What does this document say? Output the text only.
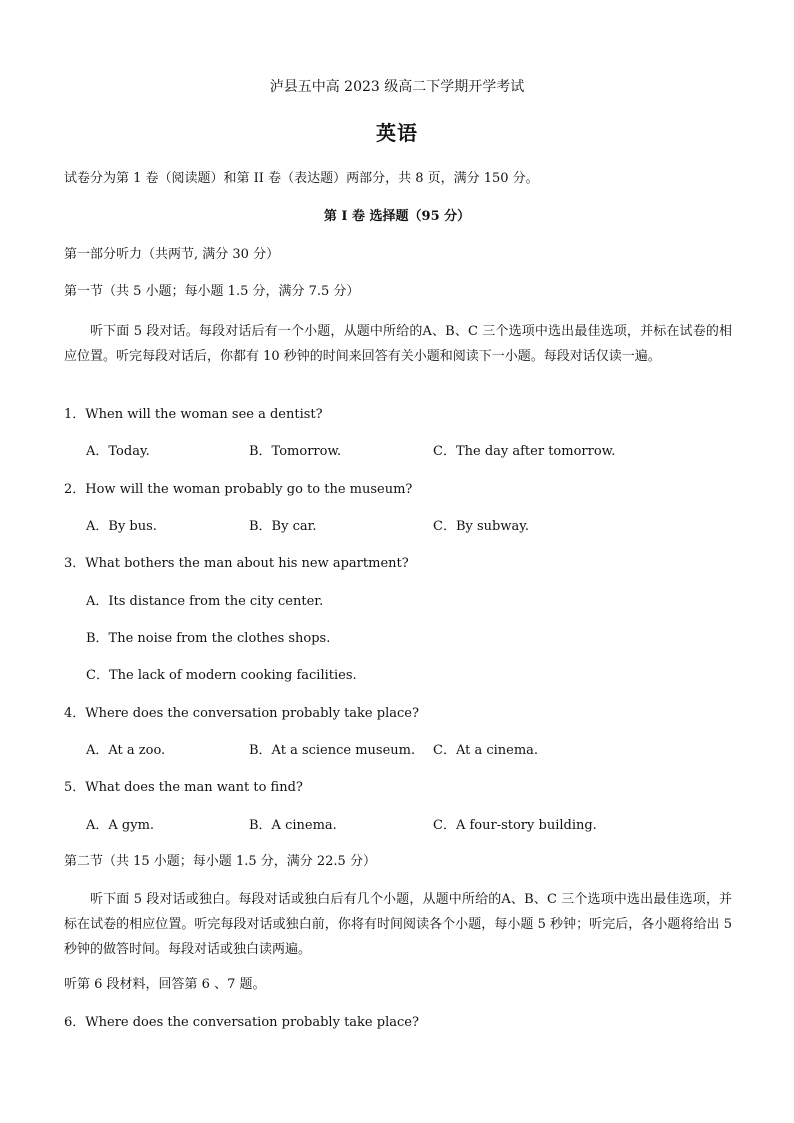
泸县五中高 2023 级高二下学期开学考试
英语
试卷分为第 1 卷（阅读题）和第 II 卷（表达题）两部分，共 8 页，满分 150 分。
第 I 卷 选择题（95 分）
第一部分听力（共两节, 满分 30 分）
第一节（共 5 小题；每小题 1.5 分，满分 7.5 分）
听下面 5 段对话。每段对话后有一个小题，从题中所给的A、B、C 三个选项中选出最佳选项，并标在试卷的相应位置。听完每段对话后，你都有 10 秒钟的时间来回答有关小题和阅读下一小题。每段对话仅读一遍。
1．When will the woman see a dentist?
A．Today.	B．Tomorrow.	C．The day after tomorrow.
2．How will the woman probably go to the museum?
A．By bus.	B．By car.	C．By subway.
3．What bothers the man about his new apartment?
A．Its distance from the city center.
B．The noise from the clothes shops.
C．The lack of modern cooking facilities.
4．Where does the conversation probably take place?
A．At a zoo.	B．At a science museum. C．At a cinema.
5．What does the man want to find?
A．A gym.	B．A cinema.	C．A four-story building.
第二节（共 15 小题；每小题 1.5 分，满分 22.5 分）
听下面 5 段对话或独白。每段对话或独白后有几个小题，从题中所给的A、B、C 三个选项中选出最佳选项，并标在试卷的相应位置。听完每段对话或独白前，你将有时间阅读各个小题，每小题 5 秒钟；听完后，各小题将给出 5 秒钟的做答时间。每段对话或独白读两遍。
听第 6 段材料，回答第 6 、7 题。
6．Where does the conversation probably take place?
